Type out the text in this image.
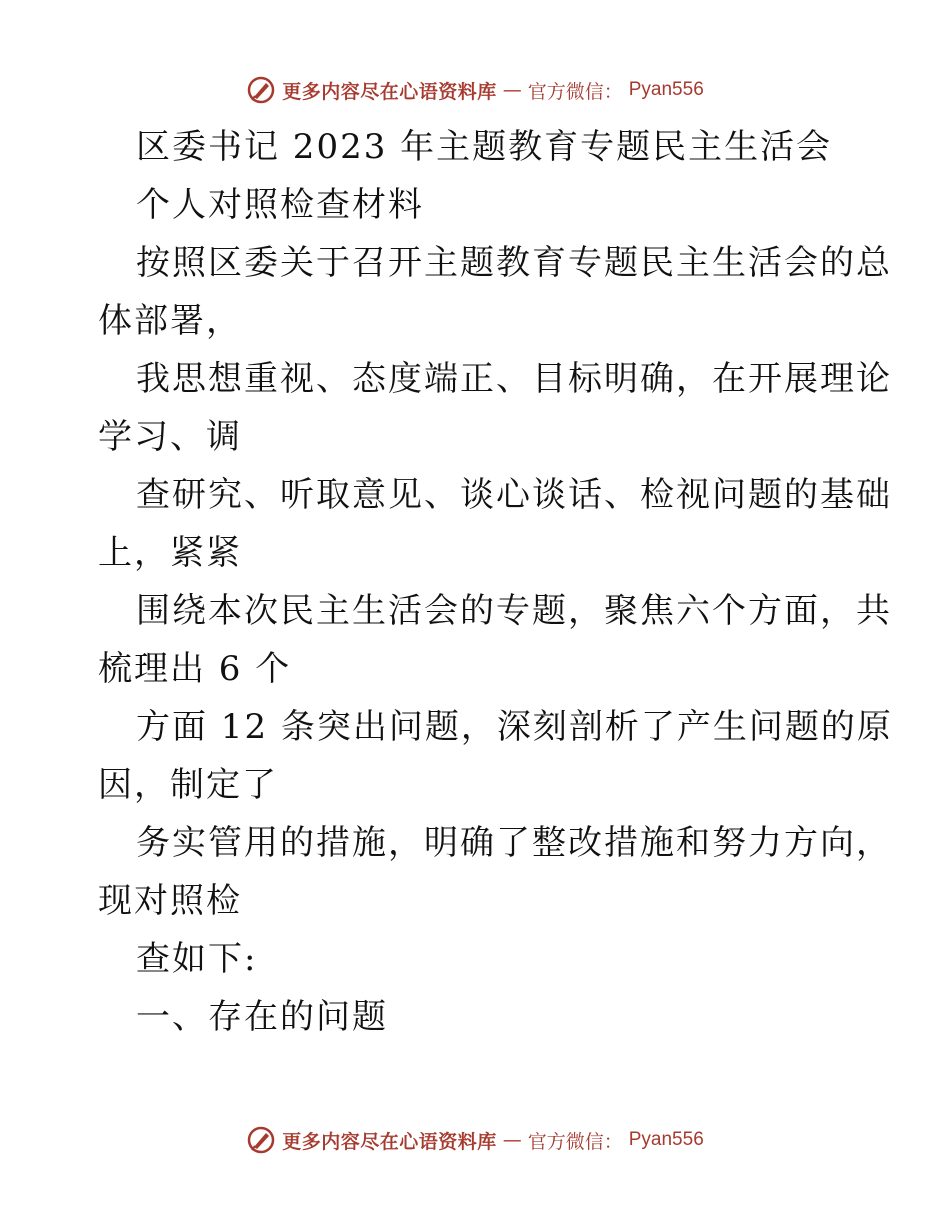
更多内容尽在心语资料库 — 官方微信： Pyan556
区委书记 2023 年主题教育专题民主生活会
个人对照检查材料
按照区委关于召开主题教育专题民主生活会的总
体部署，
我思想重视、态度端正、目标明确，在开展理论
学习、调
查研究、听取意见、谈心谈话、检视问题的基础
上，紧紧
围绕本次民主生活会的专题，聚焦六个方面，共
梳理出 6 个
方面 12 条突出问题，深刻剖析了产生问题的原
因，制定了
务实管用的措施，明确了整改措施和努力方向，
现对照检
查如下:
一、存在的问题
更多内容尽在心语资料库 — 官方微信： Pyan556
